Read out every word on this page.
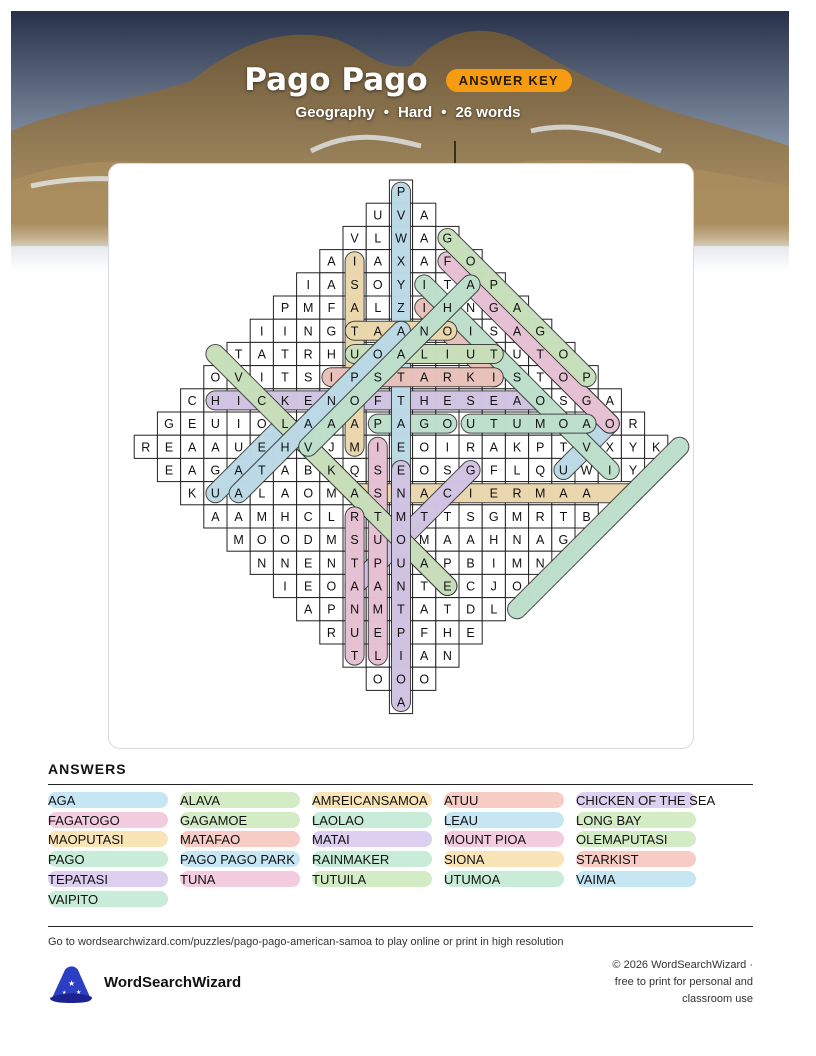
Pago Pago ANSWER KEY
Geography • Hard • 26 words
P
U V A
V L W A G
A I A X A F O
I A S O Y I T A P
P M F A L Z I H N G A
I I N G T A A N O I S A G
T A T R H U O A L I U T U T O
O V I T S I P S T A R K I S T O P
C H I C K E N O F T H E S E A O S G A
G E U I O L A A A P A G O U T U M O A O R
R E A A U E H V J M I E O I R A K P T V X Y K
E A G A T A B K Q S E O S G F L Q U W I Y
K U A L A O M A S N A C I E R M A A
A A M H C L R T M T T S G M R T B
M O O D M S U O M A A H N A G
N N E N T P U A P B I M N
I E O A A N T E C J O
A P N M T A T D L
R U E P F H E
T L I A N
O O O
A
ANSWERS
AGA
FAGATOGO
MAOPUTASI
PAGO
TEPATASI
VAIPITO
ALAVA
GAGAMOE
MATAFAO
PAGO PAGO PARK
TUNA
AMREICANSAMOA
LAOLAO
MATAI
RAINMAKER
TUTUILA
ATUU
LEAU
MOUNT PIOA
SIONA
UTUMOA
CHICKEN OF THE SEA
LONG BAY
OLEMAPUTASI
STARKIST
VAIMA
Go to wordsearchwizard.com/puzzles/pago-pago-american-samoa to play online or print in high resolution
★
★
★
WordSearchWizard
© 2026 WordSearchWizard ·
free to print for personal and
classroom use
